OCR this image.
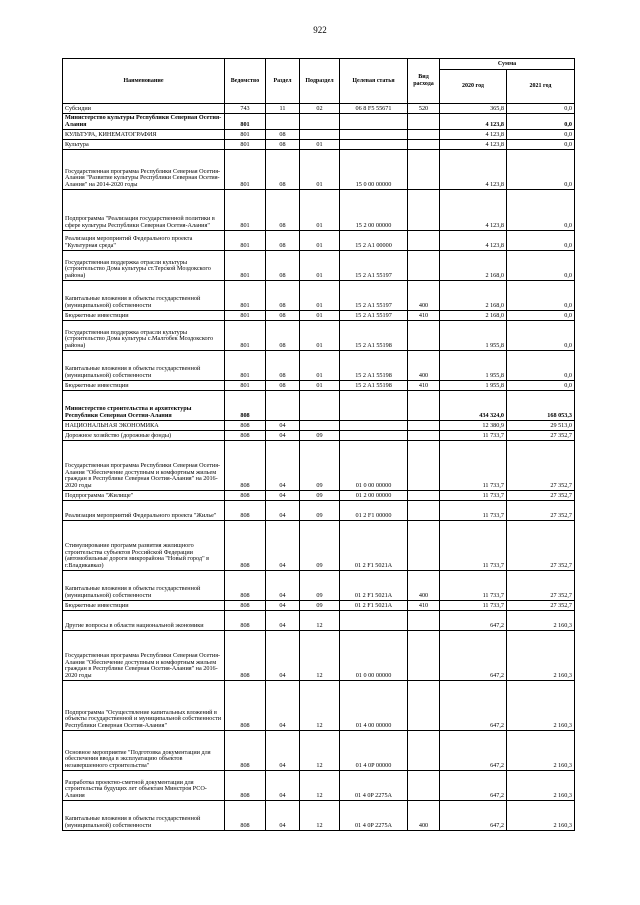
922
Наименование	Ведомство	Раздел	Подраздел	Целевая статья	Вид расхода	Сумма	
						2020 год	2021 год
Субсидии	743	11	02	06 8 F5 55671	520	365,8	0,0
Министерство культуры Республики Северная Осетия-Алания	801					4 123,8	0,0
КУЛЬТУРА, КИНЕМАТОГРАФИЯ	801	08				4 123,8	0,0
Культура	801	08	01			4 123,8	0,0
Государственная программа Республики Северная Осетия-Алания "Развитие культуры Республики Северная Осетия-Алания" на 2014-2020 годы	801	08	01	15 0 00 00000		4 123,8	0,0
Подпрограмма "Реализация государственной политики в сфере культуры Республики Северная Осетия-Алания"	801	08	01	15 2 00 00000		4 123,8	0,0
Реализация мероприятий Федерального проекта "Культурная среда"	801	08	01	15 2 A1 00000		4 123,8	0,0
Государственная поддержка отрасли культуры (строительство Дома культуры ст.Терской Моздокского района)	801	08	01	15 2 A1 55197		2 168,0	0,0
Капитальные вложения в объекты государственной (муниципальной) собственности	801	08	01	15 2 A1 55197	400	2 168,0	0,0
Бюджетные инвестиции	801	08	01	15 2 A1 55197	410	2 168,0	0,0
Государственная поддержка отрасли культуры (строительство Дома культуры с.Малгобек Моздокского района)	801	08	01	15 2 A1 55198		1 955,8	0,0
Капитальные вложения в объекты государственной (муниципальной) собственности	801	08	01	15 2 A1 55198	400	1 955,8	0,0
Бюджетные инвестиции	801	08	01	15 2 A1 55198	410	1 955,8	0,0
Министерство строительства и архитектуры Республики Северная Осетия-Алания	808					434 324,0	168 053,3
НАЦИОНАЛЬНАЯ ЭКОНОМИКА	808	04				12 380,9	29 513,0
Дорожное хозяйство (дорожные фонды)	808	04	09			11 733,7	27 352,7
Государственная программа Республики Северная Осетия-Алания "Обеспечение доступным и комфортным жильем граждан в Республике Северная Осетия-Алания" на 2016-2020 годы	808	04	09	01 0 00 00000		11 733,7	27 352,7
Подпрограмма "Жилище"	808	04	09	01 2 00 00000		11 733,7	27 352,7
Реализация мероприятий Федерального проекта "Жилье"	808	04	09	01 2 F1 00000		11 733,7	27 352,7
Стимулирование программ развития жилищного строительства субъектов Российской Федерации (автомобильные дороги микрорайона "Новый город" в г.Владикавказ)	808	04	09	01 2 F1 5021A		11 733,7	27 352,7
Капитальные вложения в объекты государственной (муниципальной) собственности	808	04	09	01 2 F1 5021A	400	11 733,7	27 352,7
Бюджетные инвестиции	808	04	09	01 2 F1 5021A	410	11 733,7	27 352,7
Другие вопросы в области национальной экономики	808	04	12			647,2	2 160,3
Государственная программа Республики Северная Осетия-Алания "Обеспечение доступным и комфортным жильем граждан в Республике Северная Осетия-Алания" на 2016-2020 годы	808	04	12	01 0 00 00000		647,2	2 160,3
Подпрограмма "Осуществление капитальных вложений в объекты государственной и муниципальной собственности Республики Северная Осетия-Алания"	808	04	12	01 4 00 00000		647,2	2 160,3
Основное мероприятие "Подготовка документации для обеспечения ввода в эксплуатацию объектов незавершенного строительства"	808	04	12	01 4 0P 00000		647,2	2 160,3
Разработка проектно-сметной документации для строительства будущих лет объектам Минстроя РСО-Алания	808	04	12	01 4 0P 2275A		647,2	2 160,3
Капитальные вложения в объекты государственной (муниципальной) собственности	808	04	12	01 4 0P 2275A	400	647,2	2 160,3
